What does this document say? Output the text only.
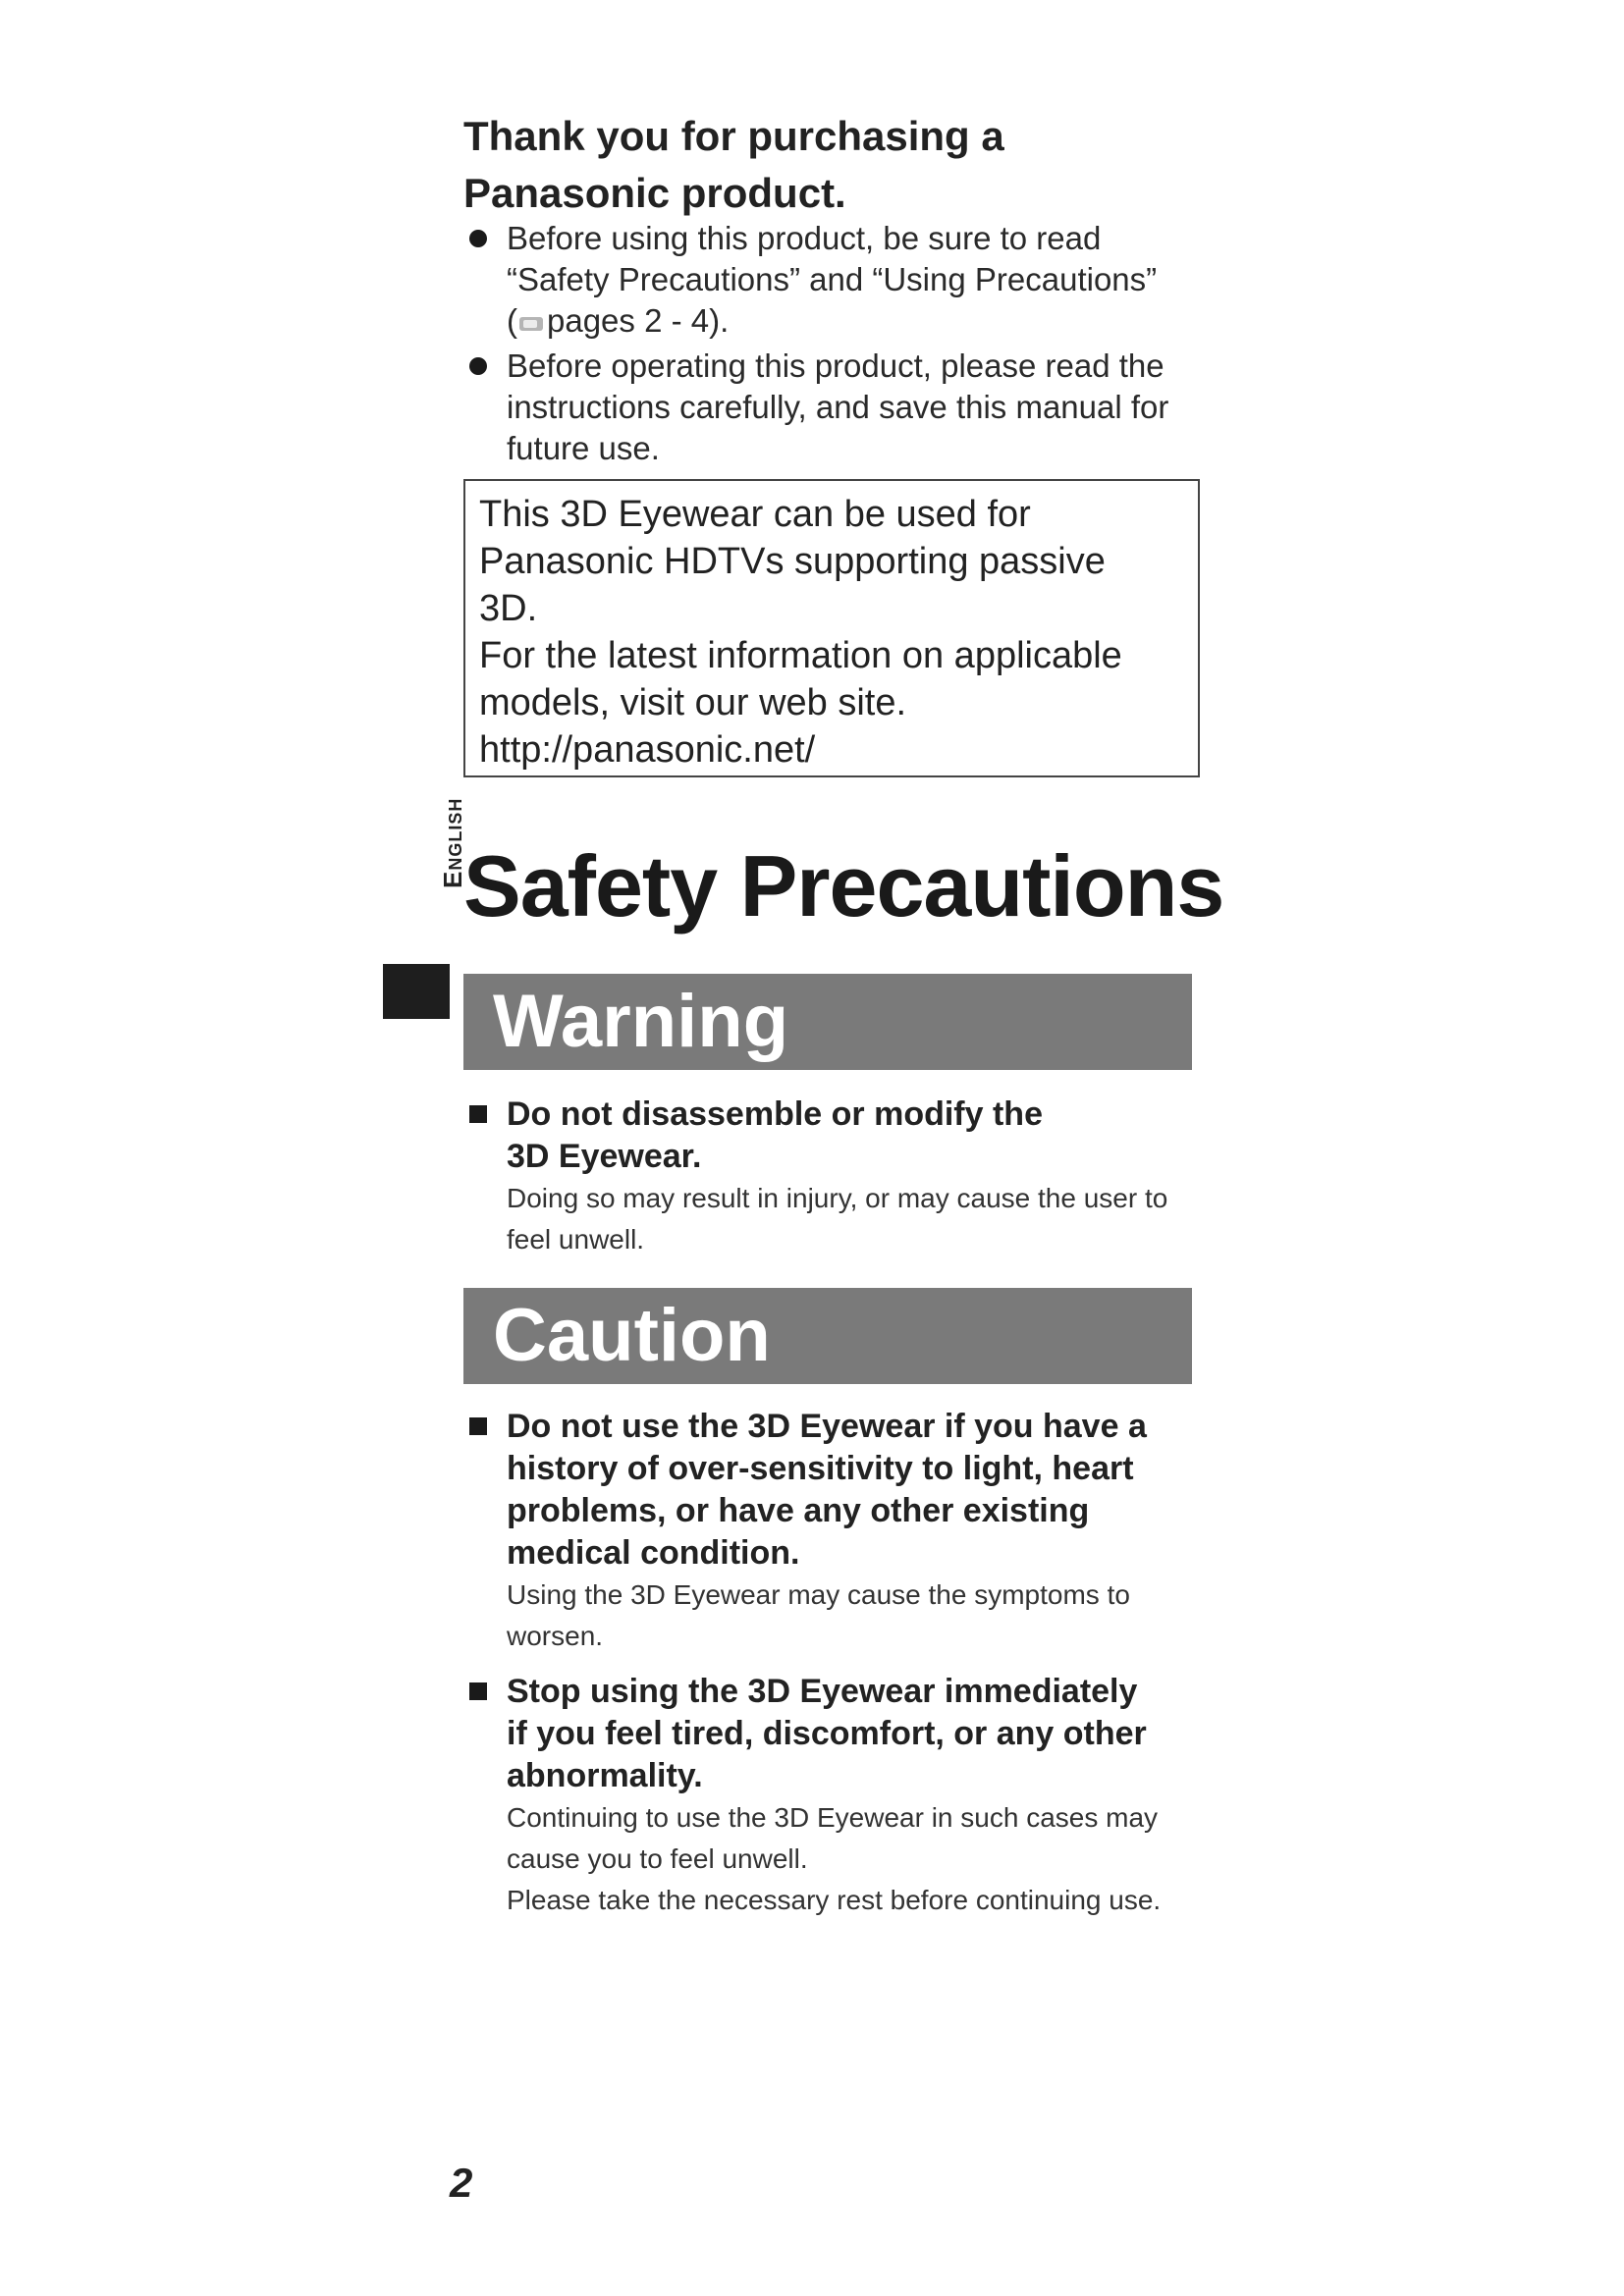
Thank you for purchasing a
Panasonic product.
Before using this product, be sure to read
“Safety Precautions” and “Using Precautions”
( pages 2 - 4).
Before operating this product, please read the
instructions carefully, and save this manual for
future use.

This 3D Eyewear can be used for

Panasonic HDTVs supporting passive

3D.

For the latest information on applicable

models, visit our web site.

http://panasonic.net/

English
Safety Precautions
Warning
Do not disassemble or modify the
3D Eyewear.

Doing so may result in injury, or may cause the user to
feel unwell.

Caution
Do not use the 3D Eyewear if you have a
history of over-sensitivity to light, heart
problems, or have any other existing
medical condition.

Using the 3D Eyewear may cause the symptoms to
worsen.

Stop using the 3D Eyewear immediately
if you feel tired, discomfort, or any other
abnormality.

Continuing to use the 3D Eyewear in such cases may
cause you to feel unwell.
Please take the necessary rest before continuing use.

2
